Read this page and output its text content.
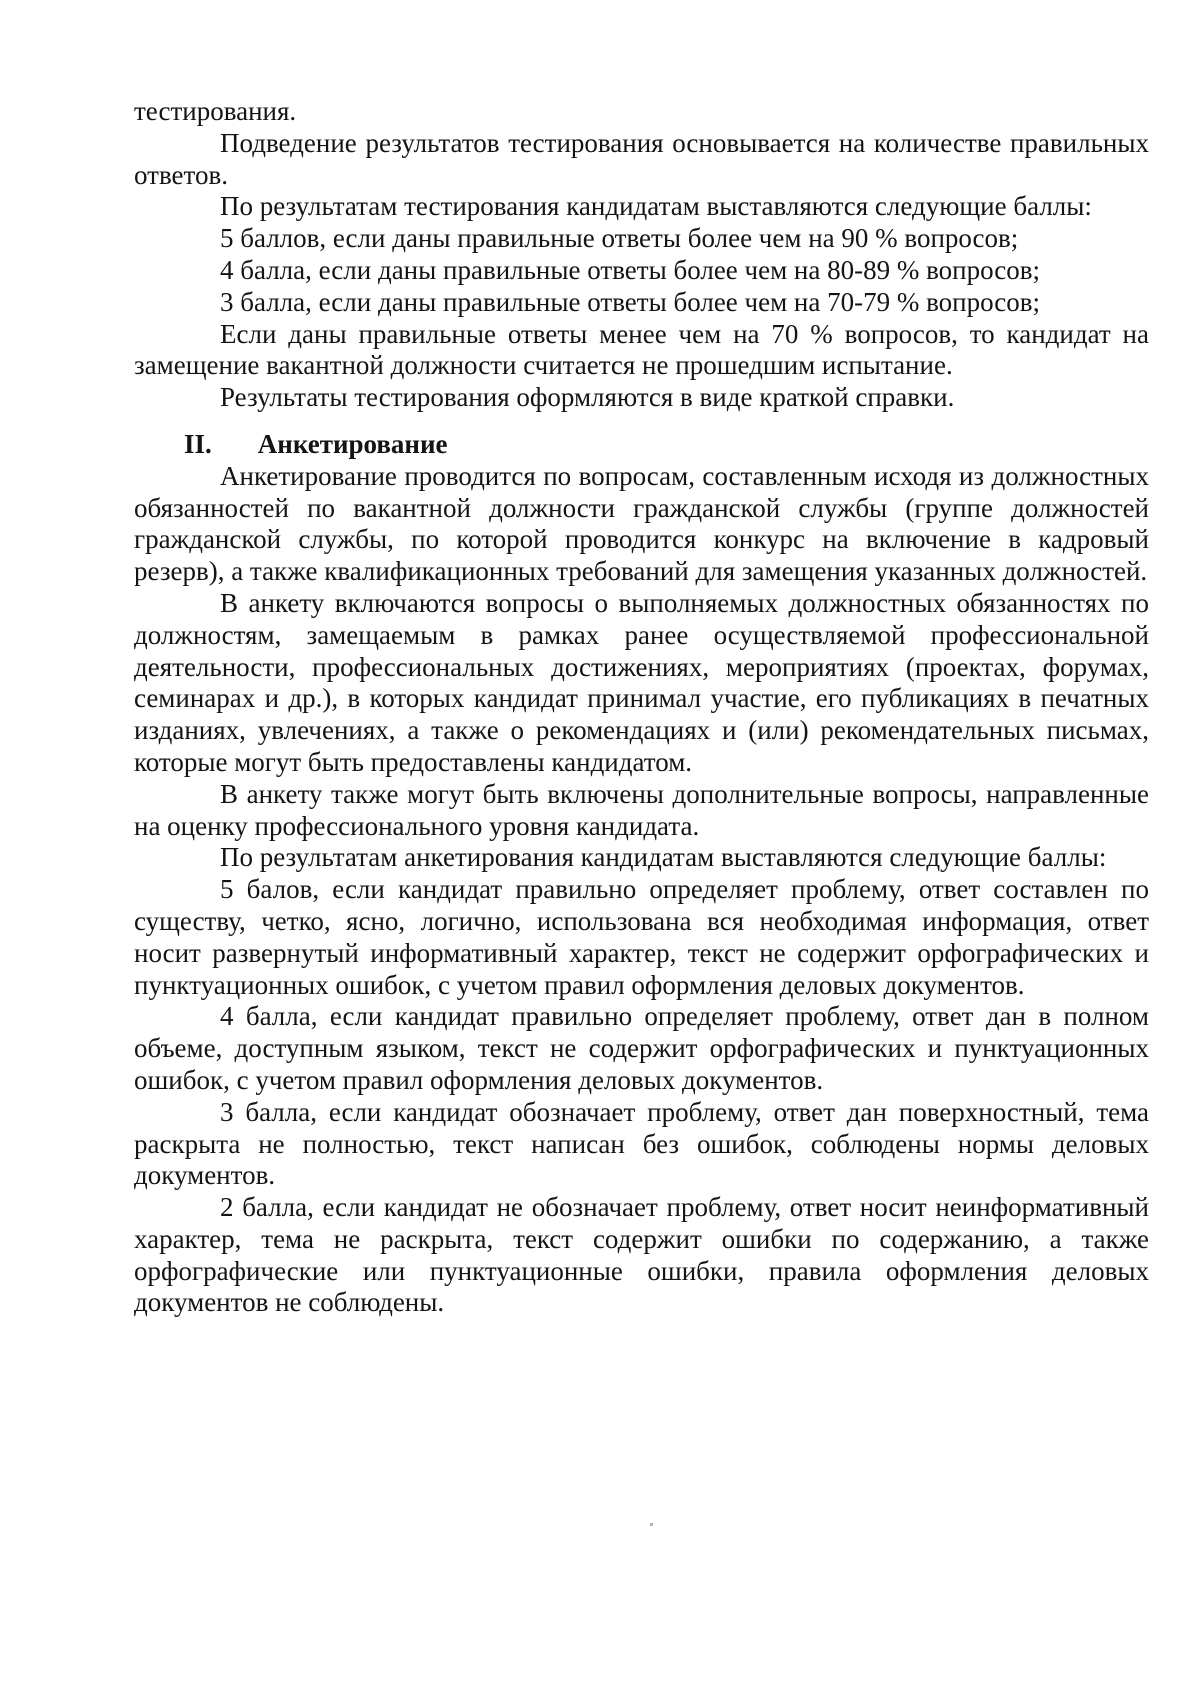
тестирования.

Подведение результатов тестирования основывается на количестве правильных ответов.

По результатам тестирования кандидатам выставляются следующие баллы:

5 баллов, если даны правильные ответы более чем на 90 % вопросов;

4 балла, если даны правильные ответы более чем на 80-89 % вопросов;

3 балла, если даны правильные ответы более чем на 70-79 % вопросов;

Если даны правильные ответы менее чем на 70 % вопросов, то кандидат на замещение вакантной должности считается не прошедшим испытание.

Результаты тестирования оформляются в виде краткой справки.

II. Анкетирование

Анкетирование проводится по вопросам, составленным исходя из должностных обязанностей по вакантной должности гражданской службы (группе должностей гражданской службы, по которой проводится конкурс на включение в кадровый резерв), а также квалификационных требований для замещения указанных должностей.

В анкету включаются вопросы о выполняемых должностных обязанностях по должностям, замещаемым в рамках ранее осуществляемой профессиональной деятельности, профессиональных достижениях, мероприятиях (проектах, форумах, семинарах и др.), в которых кандидат принимал участие, его публикациях в печатных изданиях, увлечениях, а также о рекомендациях и (или) рекомендательных письмах, которые могут быть предоставлены кандидатом.

В анкету также могут быть включены дополнительные вопросы, направленные на оценку профессионального уровня кандидата.

По результатам анкетирования кандидатам выставляются следующие баллы:

5 балов, если кандидат правильно определяет проблему, ответ составлен по существу, четко, ясно, логично, использована вся необходимая информация, ответ носит развернутый информативный характер, текст не содержит орфографических и пунктуационных ошибок, с учетом правил оформления деловых документов.

4 балла, если кандидат правильно определяет проблему, ответ дан в полном объеме, доступным языком, текст не содержит орфографических и пунктуационных ошибок, с учетом правил оформления деловых документов.

3 балла, если кандидат обозначает проблему, ответ дан поверхностный, тема раскрыта не полностью, текст написан без ошибок, соблюдены нормы деловых документов.

2 балла, если кандидат не обозначает проблему, ответ носит неинформативный характер, тема не раскрыта, текст содержит ошибки по содержанию, а также орфографические или пунктуационные ошибки, правила оформления деловых документов не соблюдены.
